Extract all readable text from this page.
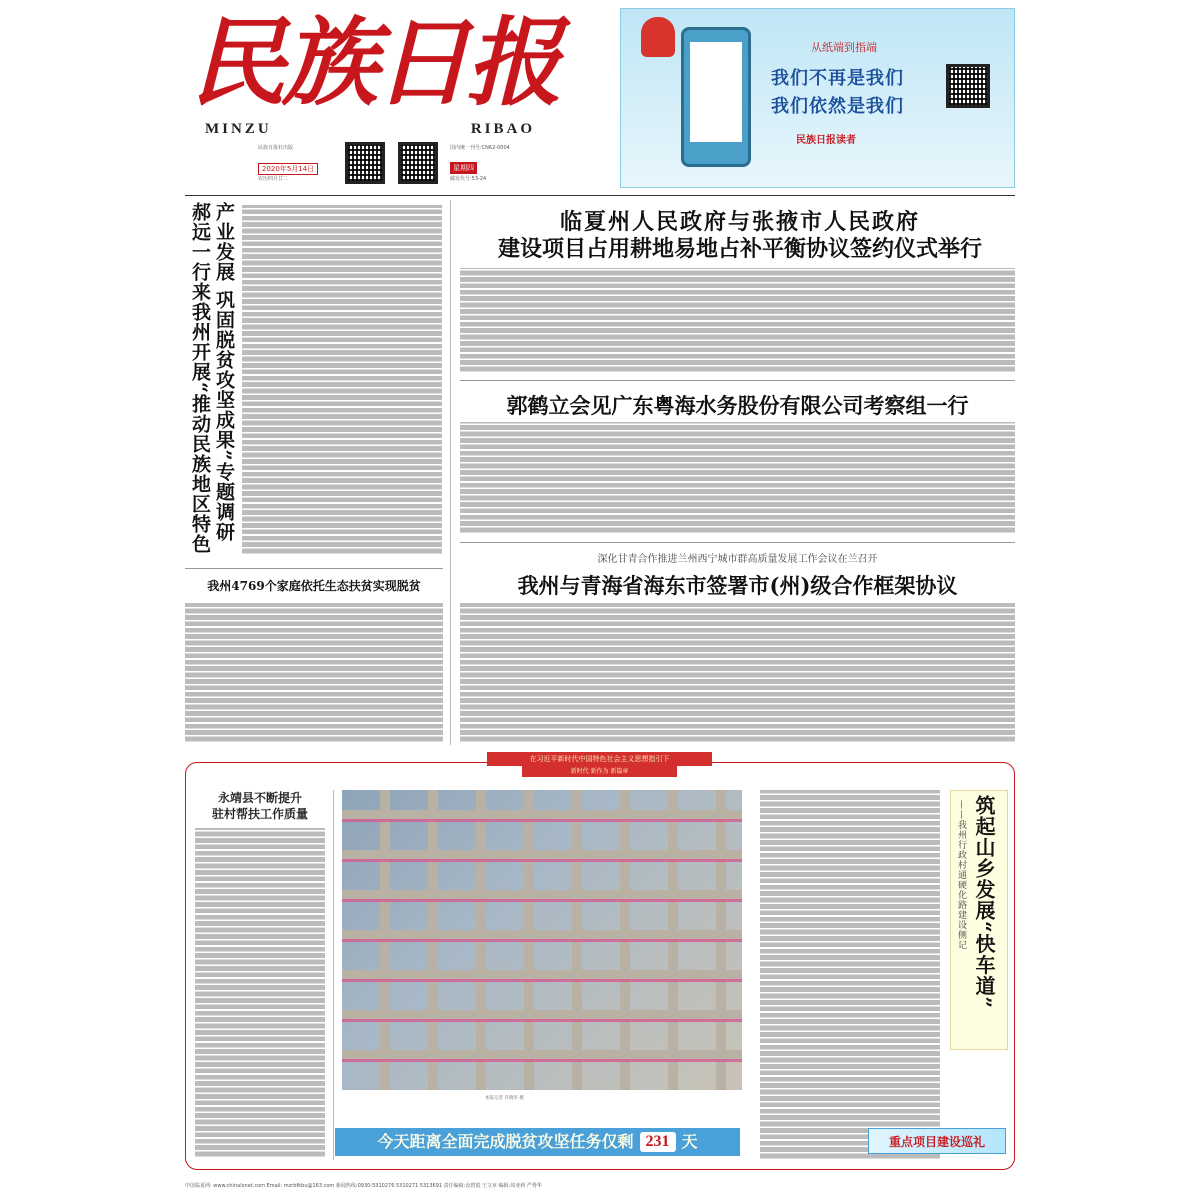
民族日报
MINZU	RIBAO
民族日报社出版
2020年5月14日
农历四月廿二
国内统一刊号:CN62-0004
星期四
邮发代号:53-24
从纸端到指端
我们不再是我们
我们依然是我们
民族日报读者
产业发展 巩固脱贫攻坚成果”专题调研
郝远一行来我州开展“推动民族地区特色	临夏州人民政府与张掖市人民政府
建设项目占用耕地易地占补平衡协议签约仪式举行
郭鹤立会见广东粤海水务股份有限公司考察组一行
深化甘青合作推进兰州西宁城市群高质量发展工作会议在兰召开
我州与青海省海东市签署市(州)级合作框架协议
我州4769个家庭依托生态扶贫实现脱贫
在习近平新时代中国特色社会主义思想指引下
新时代 新作为 新篇章
永靖县不断提升
驻村帮扶工作质量
本报记者 许晓华 摄
筑起山乡发展“快车道”
——我州行政村通硬化路建设侧记
今天距离全面完成脱贫攻坚任务仅剩 231 天	重点项目建设巡礼
中国临夏网: www.chinalxnet.com Email: mzrbfkbu@163.com 新闻热线:0930-5310276 5310271 5313691 责任编辑:汝碧霞 王文章 编辑:周亚莉 严秀华
